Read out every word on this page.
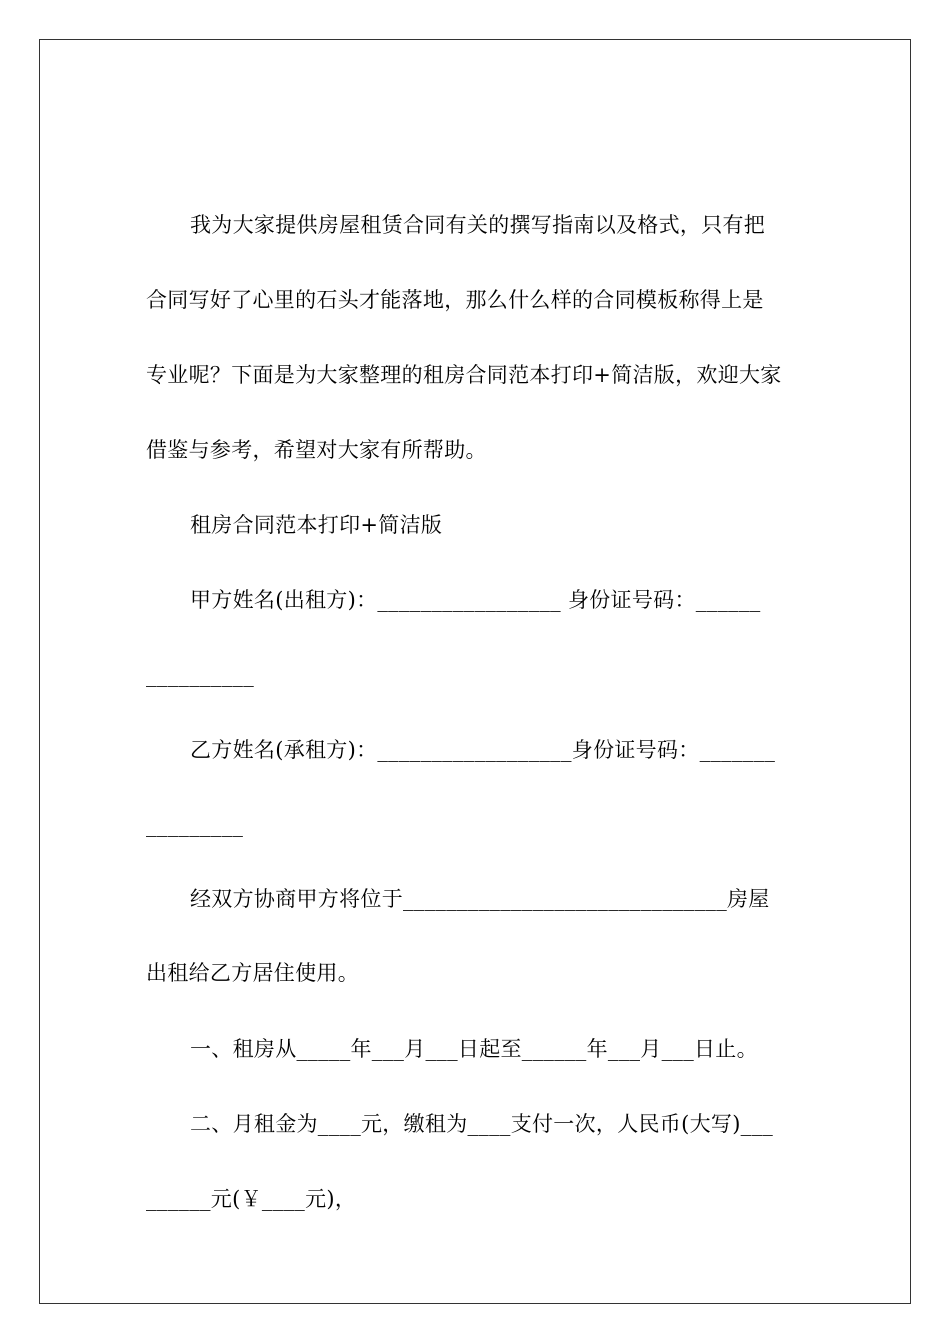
我为大家提供房屋租赁合同有关的撰写指南以及格式，只有把
合同写好了心里的石头才能落地，那么什么样的合同模板称得上是
专业呢？下面是为大家整理的租房合同范本打印+简洁版，欢迎大家
借鉴与参考，希望对大家有所帮助。
租房合同范本打印+简洁版
甲方姓名(出租方)：_________________ 身份证号码：______
__________
乙方姓名(承租方)：__________________身份证号码：_______
_________
经双方协商甲方将位于______________________________房屋
出租给乙方居住使用。
一、租房从_____年___月___日起至______年___月___日止。
二、月租金为____元，缴租为____支付一次，人民币(大写)___
______元(￥____元)，
